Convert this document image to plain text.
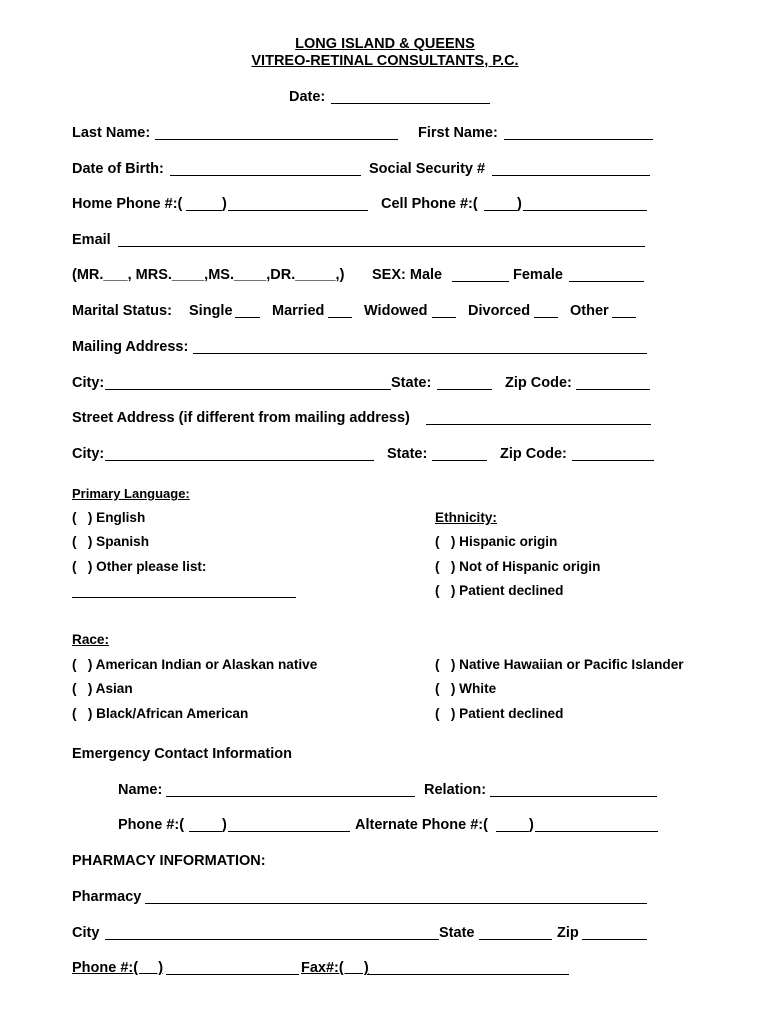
LONG ISLAND & QUEENS
VITREO-RETINAL CONSULTANTS, P.C.
Date:
Last Name:	First Name:
Date of Birth:	Social Security #
Home Phone #:(	)	Cell Phone #:(	)
Email
(MR.___, MRS.____,MS.____,DR._____,) SEX: Male	Female
Marital Status: Single	Married	Widowed	Divorced	Other
Mailing Address:
City:	State:	Zip Code:
Street Address (if different from mailing address)
City:	State:	Zip Code:
Primary Language:
(   ) English
(   ) Spanish
(   ) Other please list:
Ethnicity:
(   ) Hispanic origin
(   ) Not of Hispanic origin
(   ) Patient declined
Race:
(   ) American Indian or Alaskan native
(   ) Asian
(   ) Black/African American
(   ) Native Hawaiian or Pacific Islander
(   ) White
(   ) Patient declined
Emergency Contact Information
Name:	Relation:
Phone #:(	)	Alternate Phone #:(	)
PHARMACY INFORMATION:
Pharmacy
City	State	Zip
Phone #:(     )	Fax#:(     )
